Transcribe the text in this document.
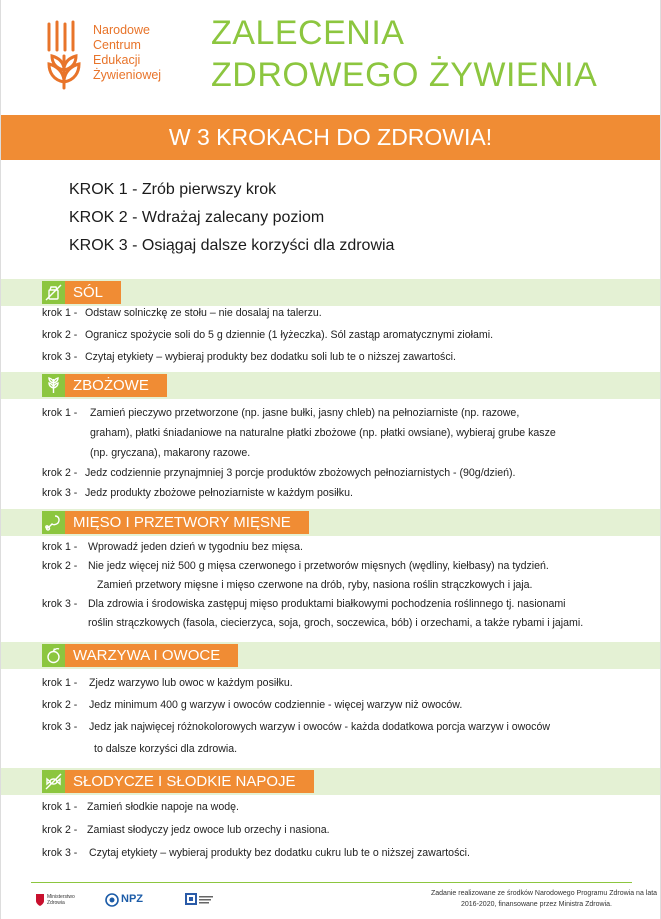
Narodowe
Centrum
Edukacji
Żywieniowej
ZALECENIA
ZDROWEGO ŻYWIENIA
W 3 KROKACH DO ZDROWIA!
KROK 1 - Zrób pierwszy krok
KROK 2 - Wdrażaj zalecany poziom
KROK 3 - Osiągaj dalsze korzyści dla zdrowia
SÓL
krok 1 - Odstaw solniczkę ze stołu – nie dosalaj na talerzu.
krok 2 - Ogranicz spożycie soli do 5 g dziennie (1 łyżeczka). Sól zastąp aromatycznymi ziołami.
krok 3 - Czytaj etykiety – wybieraj produkty bez dodatku soli lub te o niższej zawartości.
ZBOŻOWE
krok 1 - Zamień pieczywo przetworzone (np. jasne bułki, jasny chleb) na pełnoziarniste (np. razowe,
graham), płatki śniadaniowe na naturalne płatki zbożowe (np. płatki owsiane), wybieraj grube kasze
(np. gryczana), makarony razowe.
krok 2 - Jedz codziennie przynajmniej 3 porcje produktów zbożowych pełnoziarnistych - (90g/dzień).
krok 3 - Jedz produkty zbożowe pełnoziarniste w każdym posiłku.
MIĘSO I PRZETWORY MIĘSNE
krok 1 - Wprowadź jeden dzień w tygodniu bez mięsa.
krok 2 - Nie jedz więcej niż 500 g mięsa czerwonego i przetworów mięsnych (wędliny, kiełbasy) na tydzień.
Zamień przetwory mięsne i mięso czerwone na drób, ryby, nasiona roślin strączkowych i jaja.
krok 3 - Dla zdrowia i środowiska zastępuj mięso produktami białkowymi pochodzenia roślinnego tj. nasionami
roślin strączkowych (fasola, ciecierzyca, soja, groch, soczewica, bób) i orzechami, a także rybami i jajami.
WARZYWA I OWOCE
krok 1 - Zjedz warzywo lub owoc w każdym posiłku.
krok 2 - Jedz minimum 400 g warzyw i owoców codziennie - więcej warzyw niż owoców.
krok 3 - Jedz jak najwięcej różnokolorowych warzyw i owoców - każda dodatkowa porcja warzyw i owoców
to dalsze korzyści dla zdrowia.
SŁODYCZE I SŁODKIE NAPOJE
krok 1 - Zamień słodkie napoje na wodę.
krok 2 - Zamiast słodyczy jedz owoce lub orzechy i nasiona.
krok 3 - Czytaj etykiety – wybieraj produkty bez dodatku cukru lub te o niższej zawartości.
Ministerstwo Zdrowia	NPZ	Zadanie realizowane ze środków Narodowego Programu Zdrowia na lata
2016-2020, finansowane przez Ministra Zdrowia.
